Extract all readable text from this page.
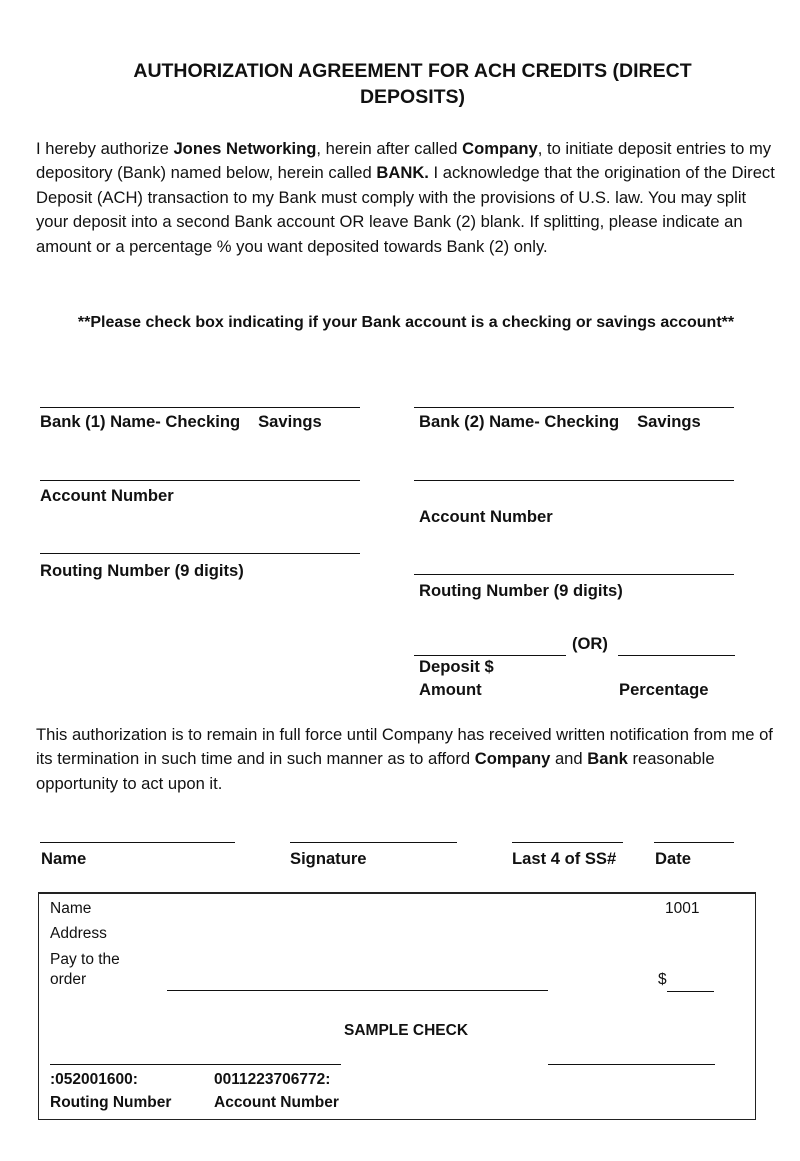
AUTHORIZATION AGREEMENT FOR ACH CREDITS (DIRECT
DEPOSITS)
I hereby authorize Jones Networking, herein after called Company, to initiate deposit entries to my depository (Bank) named below, herein called BANK. I acknowledge that the origination of the Direct Deposit (ACH) transaction to my Bank must comply with the provisions of U.S. law. You may split your deposit into a second Bank account OR leave Bank (2) blank. If splitting, please indicate an amount or a percentage % you want deposited towards Bank (2) only.
**Please check box indicating if your Bank account is a checking or savings account**
Bank (1) Name- Checking Savings
Account Number
Routing Number (9 digits)
Bank (2) Name- Checking Savings
Account Number
Routing Number (9 digits)
(OR)
Deposit $
Amount	Percentage
This authorization is to remain in full force until Company has received written notification from me of its termination in such time and in such manner as to afford Company and Bank reasonable opportunity to act upon it.
Name	Signature	Last 4 of SS# Date
Name	1001
Address
Pay to the
order	$
SAMPLE CHECK
:052001600:	0011223706772:
Routing Number	Account Number
